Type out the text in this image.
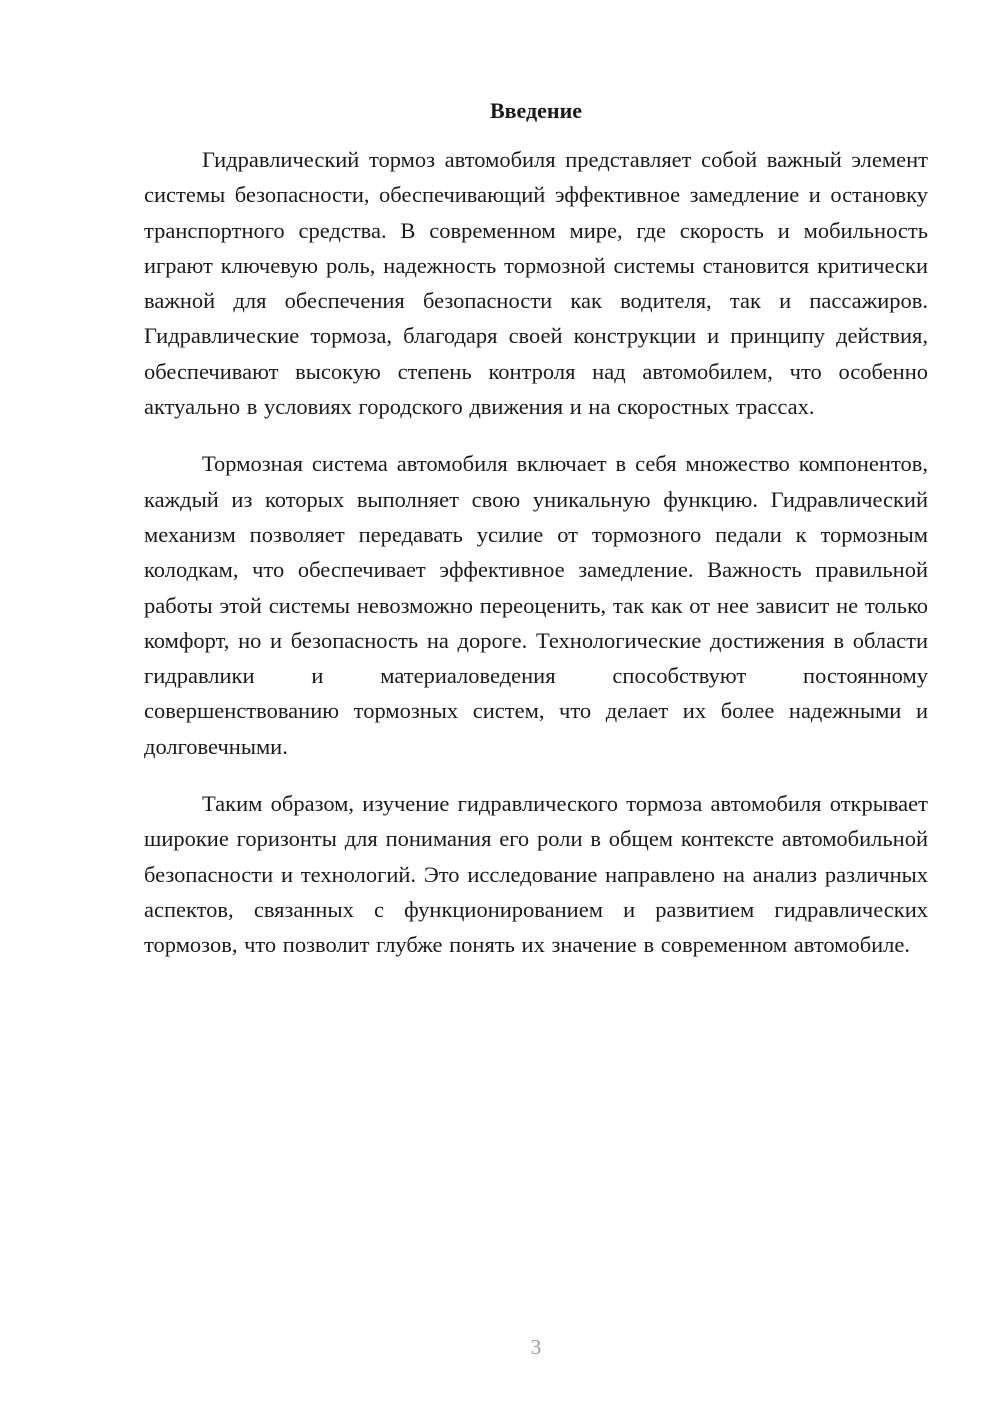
Введение

Гидравлический тормоз автомобиля представляет собой важный элемент системы безопасности, обеспечивающий эффективное замедление и остановку транспортного средства. В современном мире, где скорость и мобильность играют ключевую роль, надежность тормозной системы становится критически важной для обеспечения безопасности как водителя, так и пассажиров. Гидравлические тормоза, благодаря своей конструкции и принципу действия, обеспечивают высокую степень контроля над автомобилем, что особенно актуально в условиях городского движения и на скоростных трассах.

Тормозная система автомобиля включает в себя множество компонентов, каждый из которых выполняет свою уникальную функцию. Гидравлический механизм позволяет передавать усилие от тормозного педали к тормозным колодкам, что обеспечивает эффективное замедление. Важность правильной работы этой системы невозможно переоценить, так как от нее зависит не только комфорт, но и безопасность на дороге. Технологические достижения в области гидравлики и материаловедения способствуют постоянному совершенствованию тормозных систем, что делает их более надежными и долговечными.

Таким образом, изучение гидравлического тормоза автомобиля открывает широкие горизонты для понимания его роли в общем контексте автомобильной безопасности и технологий. Это исследование направлено на анализ различных аспектов, связанных с функционированием и развитием гидравлических тормозов, что позволит глубже понять их значение в современном автомобиле.

3
